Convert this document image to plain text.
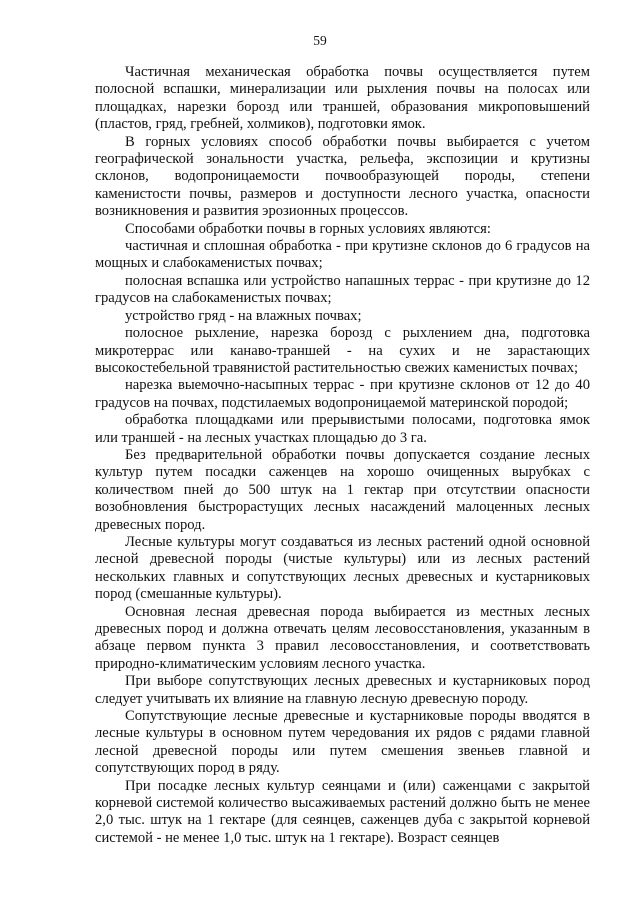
59

Частичная механическая обработка почвы осуществляется путем полосной вспашки, минерализации или рыхления почвы на полосах или площадках, нарезки борозд или траншей, образования микроповышений (пластов, гряд, гребней, холмиков), подготовки ямок.

В горных условиях способ обработки почвы выбирается с учетом географической зональности участка, рельефа, экспозиции и крутизны склонов, водопроницаемости почвообразующей породы, степени каменистости почвы, размеров и доступности лесного участка, опасности возникновения и развития эрозионных процессов.

Способами обработки почвы в горных условиях являются:

частичная и сплошная обработка - при крутизне склонов до 6 градусов на мощных и слабокаменистых почвах;

полосная вспашка или устройство напашных террас - при крутизне до 12 градусов на слабокаменистых почвах;

устройство гряд - на влажных почвах;

полосное рыхление, нарезка борозд с рыхлением дна, подготовка микротеррас или канаво-траншей - на сухих и не зарастающих высокостебельной травянистой растительностью свежих каменистых почвах;

нарезка выемочно-насыпных террас - при крутизне склонов от 12 до 40 градусов на почвах, подстилаемых водопроницаемой материнской породой;

обработка площадками или прерывистыми полосами, подготовка ямок или траншей - на лесных участках площадью до 3 га.

Без предварительной обработки почвы допускается создание лесных культур путем посадки саженцев на хорошо очищенных вырубках с количеством пней до 500 штук на 1 гектар при отсутствии опасности возобновления быстрорастущих лесных насаждений малоценных лесных древесных пород.

Лесные культуры могут создаваться из лесных растений одной основной лесной древесной породы (чистые культуры) или из лесных растений нескольких главных и сопутствующих лесных древесных и кустарниковых пород (смешанные культуры).

Основная лесная древесная порода выбирается из местных лесных древесных пород и должна отвечать целям лесовосстановления, указанным в абзаце первом пункта 3 правил лесовосстановления, и соответствовать природно-климатическим условиям лесного участка.

При выборе сопутствующих лесных древесных и кустарниковых пород следует учитывать их влияние на главную лесную древесную породу.

Сопутствующие лесные древесные и кустарниковые породы вводятся в лесные культуры в основном путем чередования их рядов с рядами главной лесной древесной породы или путем смешения звеньев главной и сопутствующих пород в ряду.

При посадке лесных культур сеянцами и (или) саженцами с закрытой корневой системой количество высаживаемых растений должно быть не менее 2,0 тыс. штук на 1 гектаре (для сеянцев, саженцев дуба с закрытой корневой системой - не менее 1,0 тыс. штук на 1 гектаре). Возраст сеянцев
